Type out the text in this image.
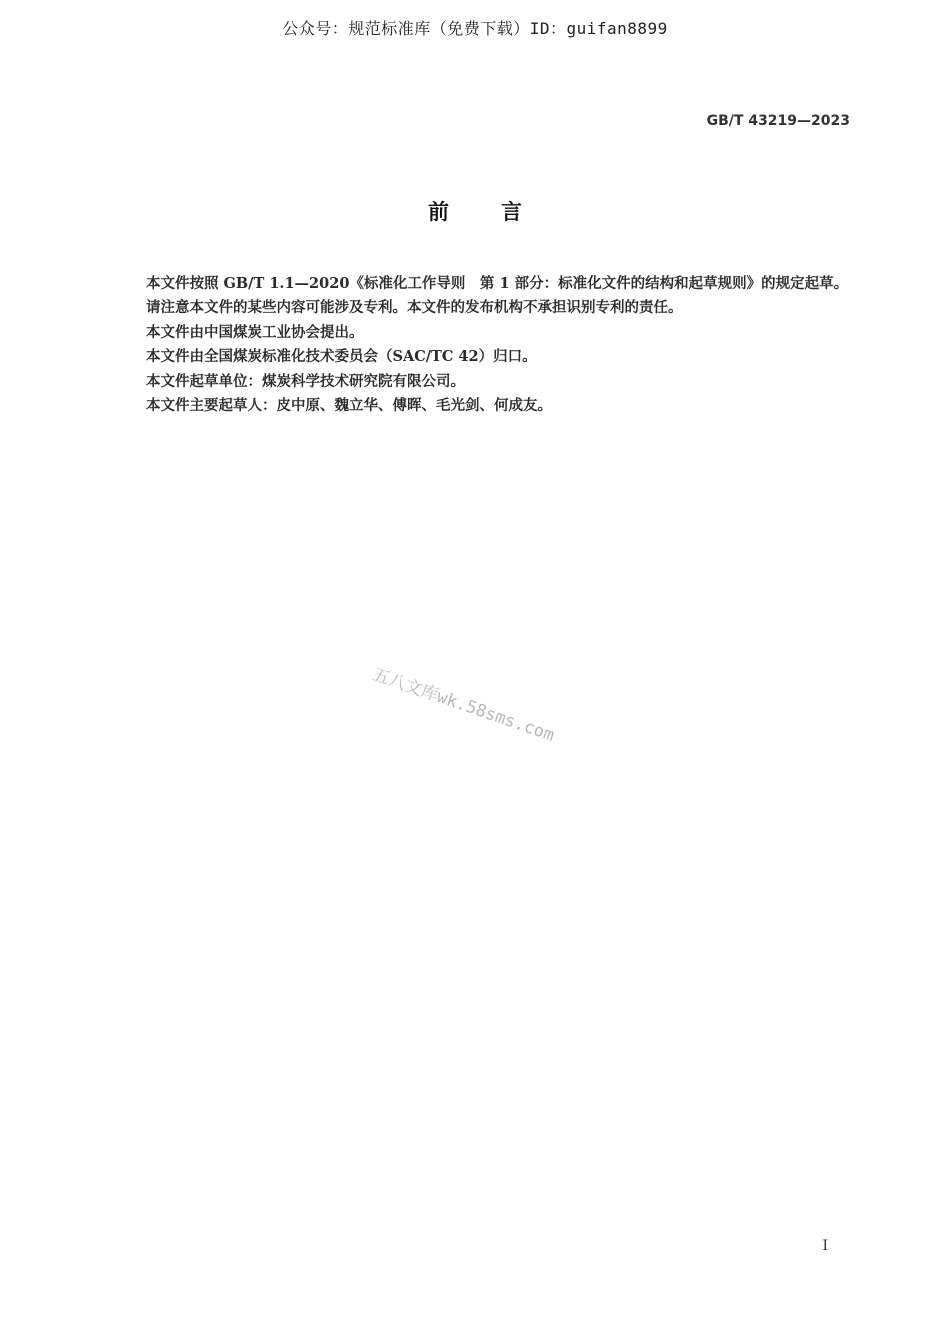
公众号：规范标准库（免费下载）ID：guifan8899
GB/T 43219—2023
前言

本文件按照 GB/T 1.1—2020《标准化工作导则　第 1 部分：标准化文件的结构和起草规则》的规定起草。

请注意本文件的某些内容可能涉及专利。本文件的发布机构不承担识别专利的责任。

本文件由中国煤炭工业协会提出。

本文件由全国煤炭标准化技术委员会（SAC/TC 42）归口。

本文件起草单位：煤炭科学技术研究院有限公司。

本文件主要起草人：皮中原、魏立华、傅晖、毛光剑、何成友。

五八文库wk.58sms.com
I
